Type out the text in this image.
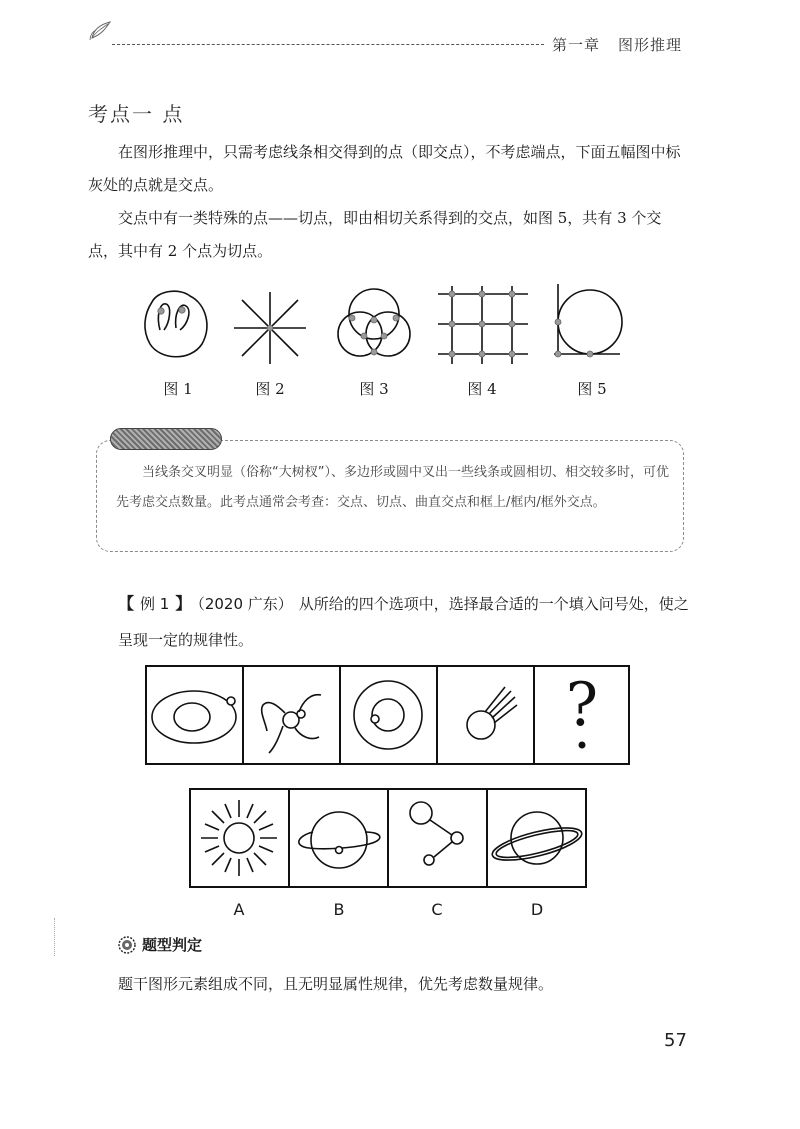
第一章 图形推理
考点一 点

在图形推理中，只需考虑线条相交得到的点（即交点），不考虑端点，下面五幅图中标灰处的点就是交点。

交点中有一类特殊的点——切点，即由相切关系得到的交点，如图 5，共有 3 个交点，其中有 2 个点为切点。

图 1	图 2	图 3	图 4	图 5

当线条交叉明显（俗称“大树杈”）、多边形或圆中叉出一些线条或圆相切、相交较多时，可优先考虑交点数量。此考点通常会考查：交点、切点、曲直交点和框上/框内/框外交点。

【 例 1 】 （2020 广东） 从所给的四个选项中，选择最合适的一个填入问号处，使之呈现一定的规律性。

?
A	B	C	D
题型判定

题干图形元素组成不同，且无明显属性规律，优先考虑数量规律。

57
